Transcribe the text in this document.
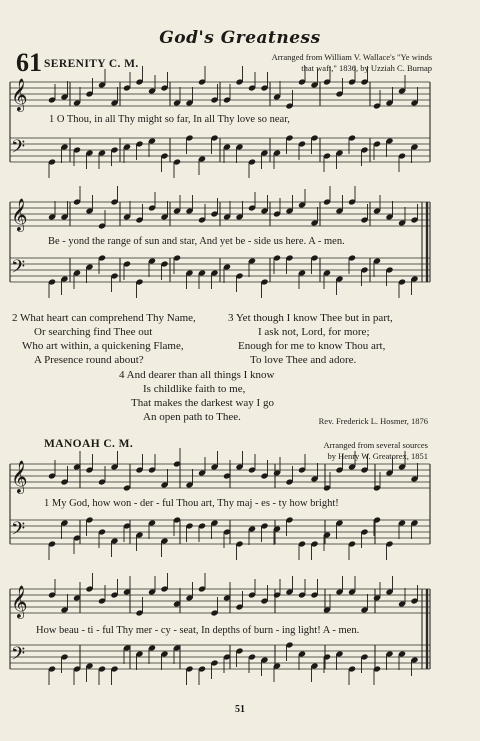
God's Greatness
61 SERENITY C. M.
Arranged from William V. Wallace's "Ye winds
that waft," 1836, by Uzziah C. Burnap
𝄞
𝄢
1 O Thou, in all Thy might so far, In all Thy love so near,
𝄞
𝄢
Be - yond the range of sun and star, And yet be - side us here. A - men.
2 What heart can comprehend Thy Name,
Or searching find Thee out
Who art within, a quickening Flame,
A Presence round about?
3 Yet though I know Thee but in part,
I ask not, Lord, for more;
Enough for me to know Thou art,
To love Thee and adore.
4 And dearer than all things I know
Is childlike faith to me,
That makes the darkest way I go
An open path to Thee.	Rev. Frederick L. Hosmer, 1876
MANOAH C. M.	Arranged from several sources
by Henry W. Greatorex, 1851
𝄞
𝄢
1 My God, how won - der - ful Thou art, Thy maj - es - ty how bright!
𝄞
𝄢
How beau - ti - ful Thy mer - cy - seat, In depths of burn - ing light! A - men.
51
